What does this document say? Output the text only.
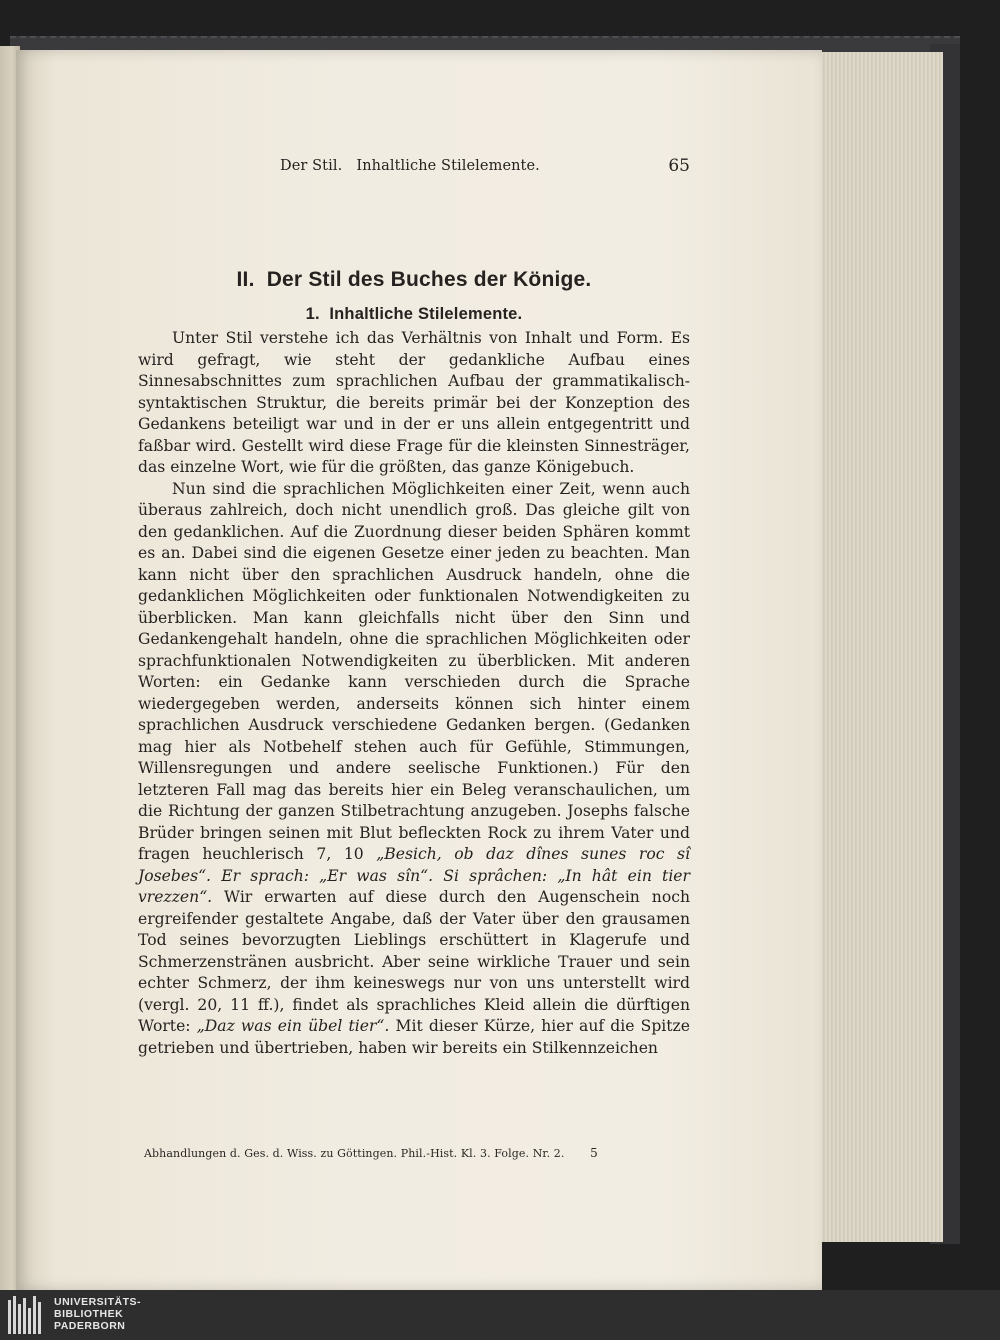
Der Stil.   Inhaltliche Stilelemente.	65
II.  Der Stil des Buches der Könige.
1.  Inhaltliche Stilelemente.

Unter Stil verstehe ich das Verhältnis von Inhalt und Form. Es wird gefragt, wie steht der gedankliche Aufbau eines Sinnesabschnittes zum sprachlichen Aufbau der grammatikalisch-syntaktischen Struktur, die bereits primär bei der Konzeption des Gedankens beteiligt war und in der er uns allein entgegentritt und faßbar wird. Gestellt wird diese Frage für die kleinsten Sinnesträger, das einzelne Wort, wie für die größten, das ganze Königebuch.

Nun sind die sprachlichen Möglichkeiten einer Zeit, wenn auch überaus zahlreich, doch nicht unendlich groß. Das gleiche gilt von den gedanklichen. Auf die Zuordnung dieser beiden Sphären kommt es an. Dabei sind die eigenen Gesetze einer jeden zu beachten. Man kann nicht über den sprachlichen Ausdruck handeln, ohne die gedanklichen Möglichkeiten oder funktionalen Notwendigkeiten zu überblicken. Man kann gleichfalls nicht über den Sinn und Gedankengehalt handeln, ohne die sprachlichen Möglichkeiten oder sprachfunktionalen Notwendigkeiten zu überblicken. Mit anderen Worten: ein Gedanke kann verschieden durch die Sprache wiedergegeben werden, anderseits können sich hinter einem sprachlichen Ausdruck verschiedene Gedanken bergen. (Gedanken mag hier als Notbehelf stehen auch für Gefühle, Stimmungen, Willensregungen und andere seelische Funktionen.) Für den letzteren Fall mag das bereits hier ein Beleg veranschaulichen, um die Richtung der ganzen Stilbetrachtung anzugeben. Josephs falsche Brüder bringen seinen mit Blut befleckten Rock zu ihrem Vater und fragen heuchlerisch 7, 10 „Besich, ob daz dînes sunes roc sî Josebes“. Er sprach: „Er was sîn“. Si sprâchen: „In hât ein tier vrezzen“. Wir erwarten auf diese durch den Augenschein noch ergreifender gestaltete Angabe, daß der Vater über den grausamen Tod seines bevorzugten Lieblings erschüttert in Klagerufe und Schmerzenstränen ausbricht. Aber seine wirkliche Trauer und sein echter Schmerz, der ihm keineswegs nur von uns unterstellt wird (vergl. 20, 11 ff.), findet als sprachliches Kleid allein die dürftigen Worte: „Daz was ein übel tier“. Mit dieser Kürze, hier auf die Spitze getrieben und übertrieben, haben wir bereits ein Stilkennzeichen

Abhandlungen d. Ges. d. Wiss. zu Göttingen. Phil.-Hist. Kl. 3. Folge. Nr. 2. 5
UNIVERSITÄTS-
BIBLIOTHEK
PADERBORN
